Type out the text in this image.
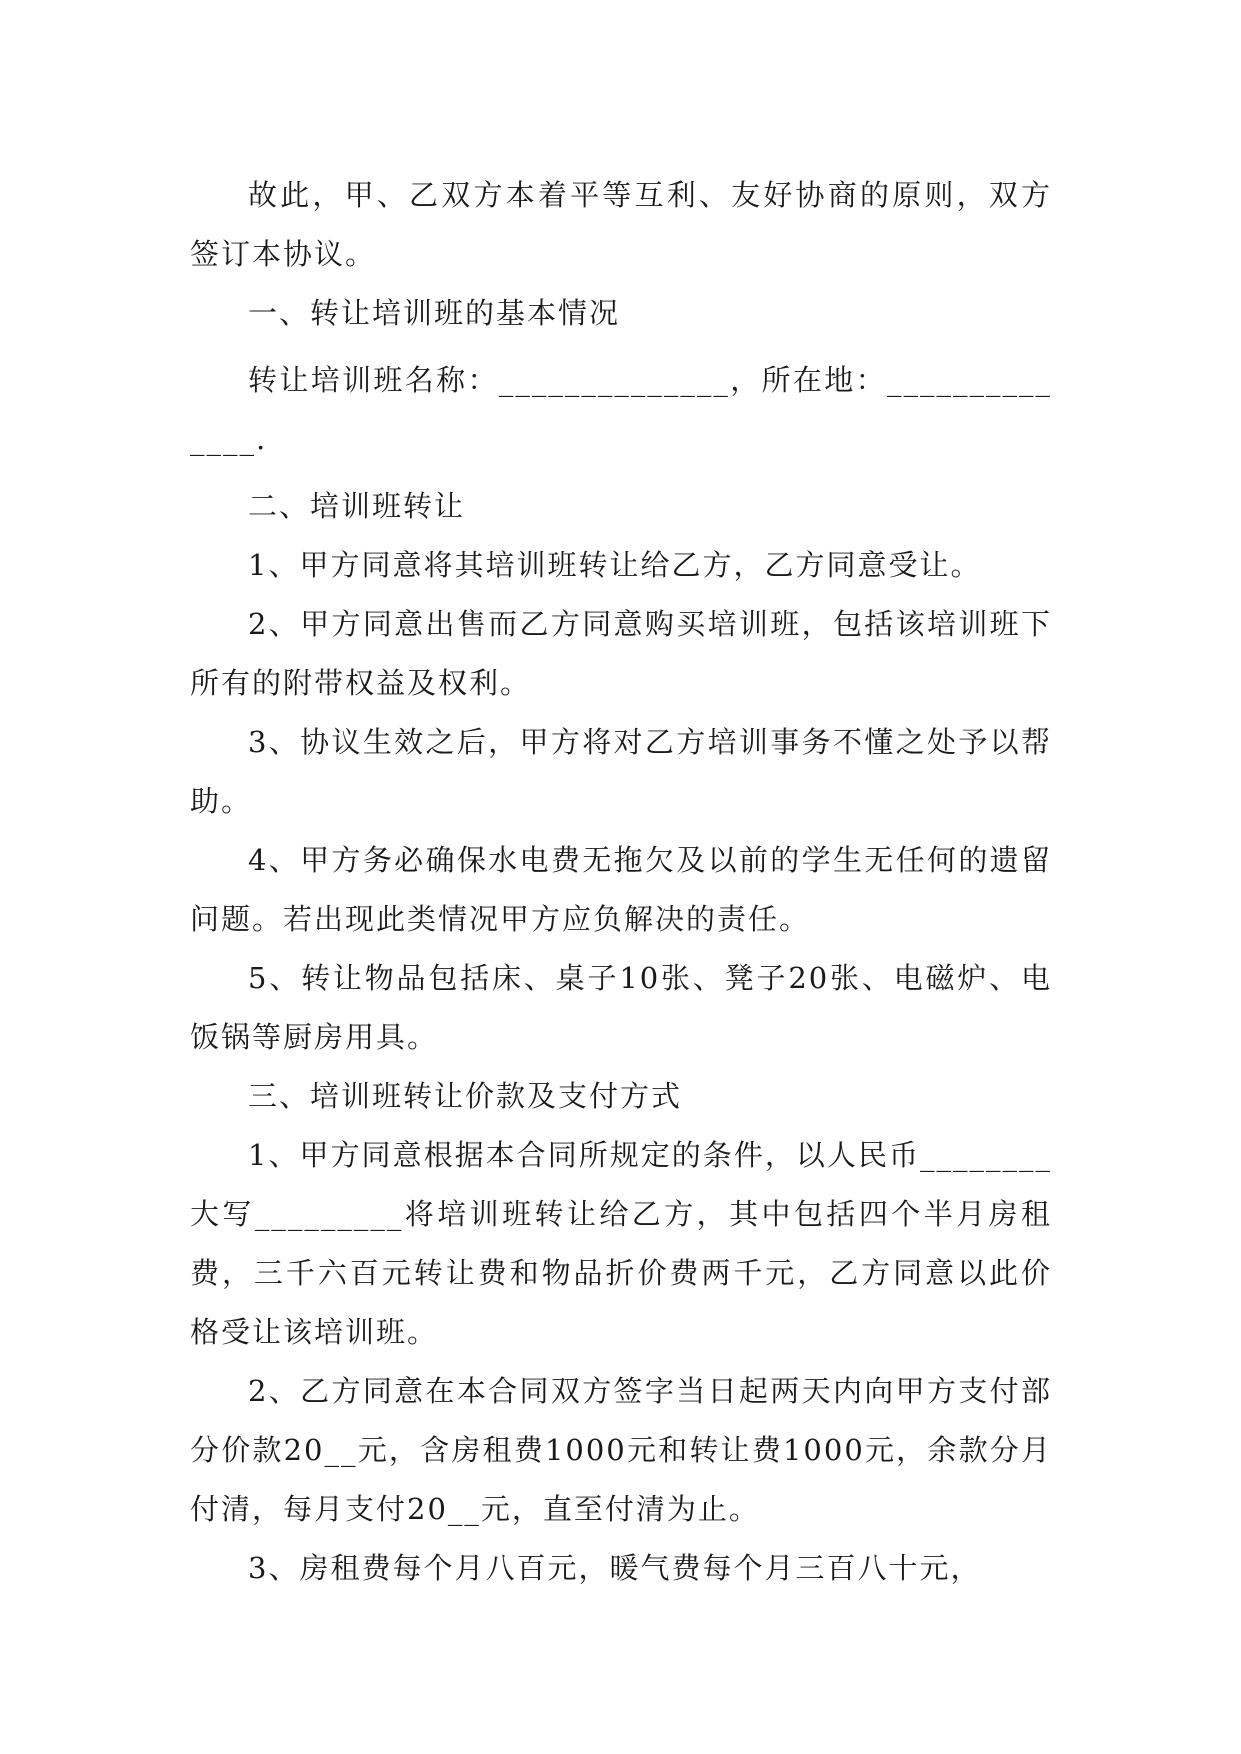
故此，甲、乙双方本着平等互利、友好协商的原则，双方签订本协议。

一、转让培训班的基本情况

转让培训班名称：______________，所在地：______________.

二、培训班转让

1、甲方同意将其培训班转让给乙方，乙方同意受让。

2、甲方同意出售而乙方同意购买培训班，包括该培训班下所有的附带权益及权利。

3、协议生效之后，甲方将对乙方培训事务不懂之处予以帮助。

4、甲方务必确保水电费无拖欠及以前的学生无任何的遗留问题。若出现此类情况甲方应负解决的责任。

5、转让物品包括床、桌子10张、凳子20张、电磁炉、电饭锅等厨房用具。

三、培训班转让价款及支付方式

1、甲方同意根据本合同所规定的条件，以人民币________大写_________将培训班转让给乙方，其中包括四个半月房租费，三千六百元转让费和物品折价费两千元，乙方同意以此价格受让该培训班。

2、乙方同意在本合同双方签字当日起两天内向甲方支付部分价款20__元，含房租费1000元和转让费1000元，余款分月付清，每月支付20__元，直至付清为止。

3、房租费每个月八百元，暖气费每个月三百八十元，
